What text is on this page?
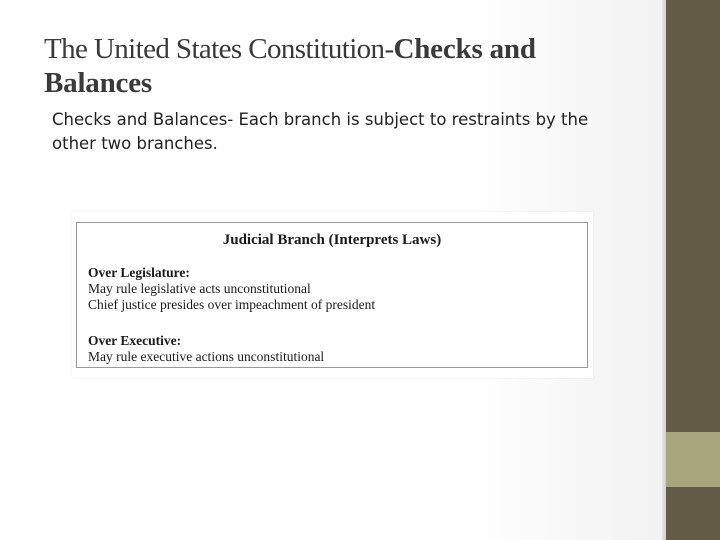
The United States Constitution-Checks and Balances
Checks and Balances- Each branch is subject to restraints by the other two branches.
Judicial Branch (Interprets Laws)
Over Legislature:
May rule legislative acts unconstitutional
Chief justice presides over impeachment of president
Over Executive:
May rule executive actions unconstitutional
